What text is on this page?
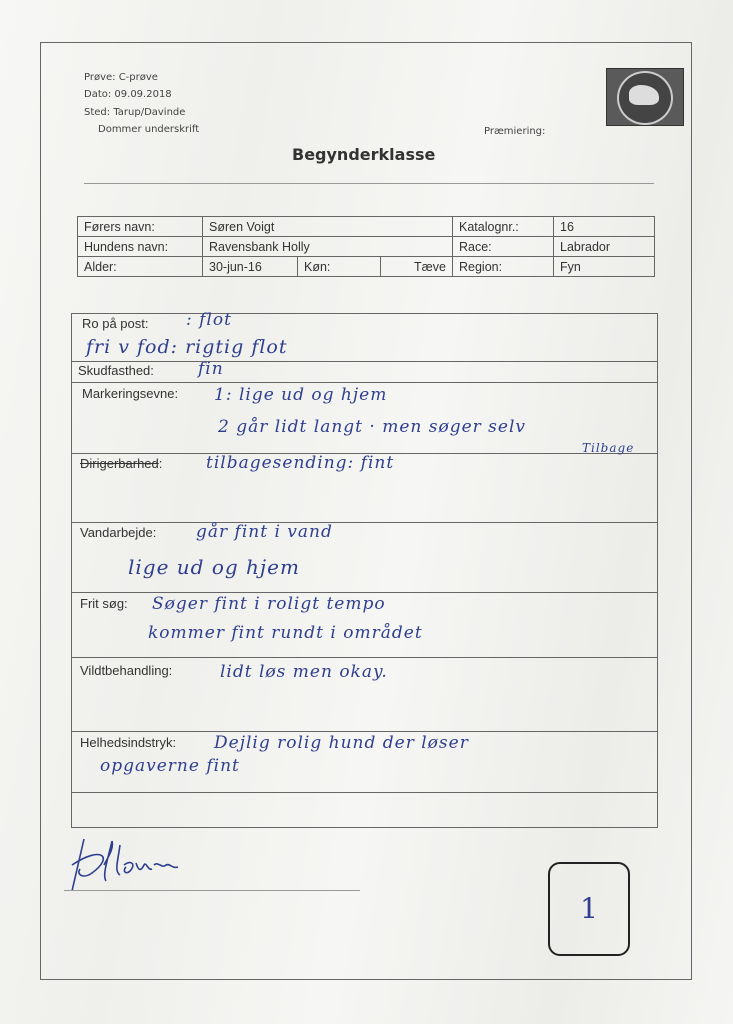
Prøve: C-prøve
Dato: 09.09.2018
Sted: Tarup/Davinde
Dommer underskrift	Præmiering:
Begynderklasse
Førers navn:	Søren Voigt			Katalognr.:	16
Hundens navn:	Ravensbank Holly			Race:	Labrador
Alder:	30-jun-16	Køn:	Tæve	Region:	Fyn
Ro på post: : flot
fri v fod: rigtig flot
Skudfasthed:	fin
Markeringsevne: 1: lige ud og hjem
2 går lidt langt · men søger selv
Tilbage
Dirigerbarhed:	tilbagesending: fint
Vandarbejde: går fint i vand
lige ud og hjem
Frit søg: Søger fint i roligt tempo
kommer fint rundt i området
Vildtbehandling:	lidt løs men okay.
Helhedsindstryk: Dejlig rolig hund der løser
opgaverne fint
1
